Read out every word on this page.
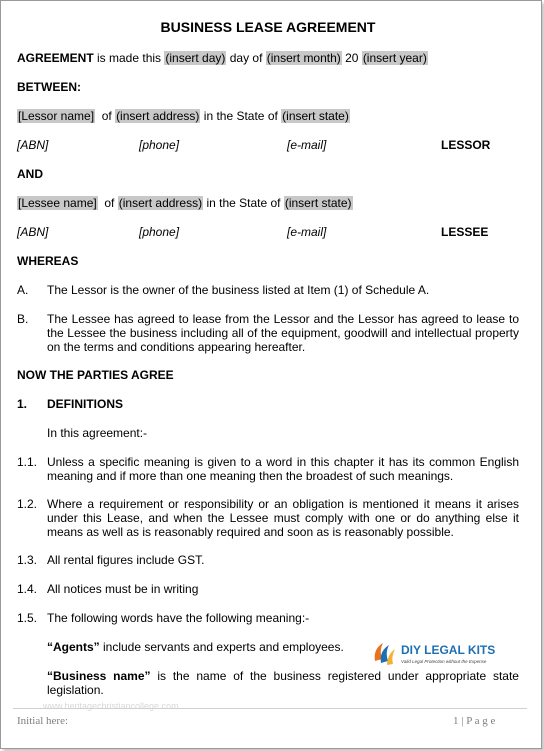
BUSINESS LEASE AGREEMENT
AGREEMENT is made this (insert day) day of (insert month) 20 (insert year)
BETWEEN:
[Lessor name]  of (insert address) in the State of (insert state)
[ABN]	[phone]	[e-mail]	LESSOR
AND
[Lessee name]  of (insert address) in the State of (insert state)
[ABN]	[phone]	[e-mail]	LESSEE
WHEREAS
A. The Lessor is the owner of the business listed at Item (1) of Schedule A.
B. The Lessee has agreed to lease from the Lessor and the Lessor has agreed to lease to the Lessee the business including all of the equipment, goodwill and intellectual property on the terms and conditions appearing hereafter.
NOW THE PARTIES AGREE
1. DEFINITIONS
In this agreement:-
1.1. Unless a specific meaning is given to a word in this chapter it has its common English meaning and if more than one meaning then the broadest of such meanings.
1.2. Where a requirement or responsibility or an obligation is mentioned it means it arises under this Lease, and when the Lessee must comply with one or do anything else it means as well as is reasonably required and soon as is reasonably possible.
1.3. All rental figures include GST.
1.4. All notices must be in writing
1.5. The following words have the following meaning:-
“Agents” include servants and experts and employees.
“Business name” is the name of the business registered under appropriate state legislation.
DIY LEGAL KITS
Valid Legal Protection without the Expense
www.heritagechristiancollege.com
Initial here:	1 | P a g e
